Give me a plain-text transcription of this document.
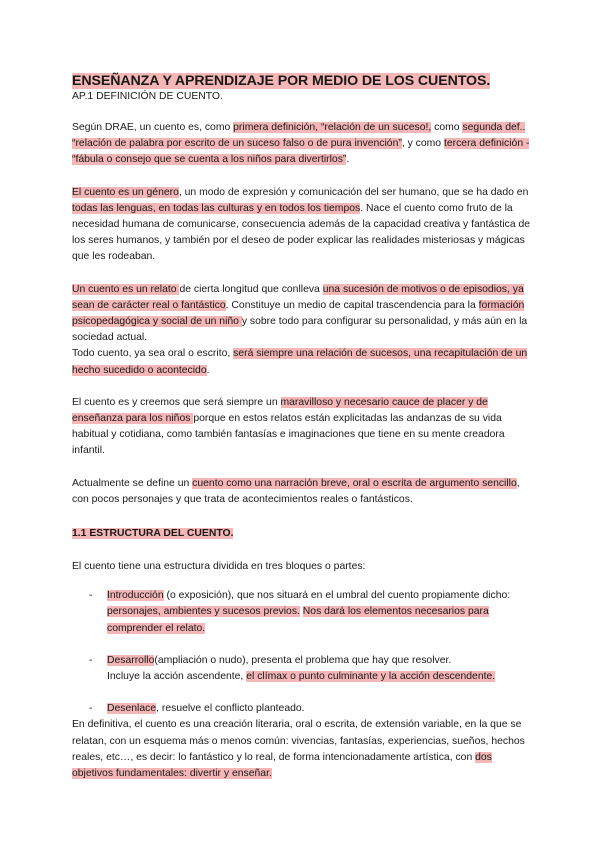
ENSEÑANZA Y APRENDIZAJE POR MEDIO DE LOS CUENTOS.

AP.1 DEFINICIÓN DE CUENTO.

Según DRAE, un cuento es, como primera definición, “relación de un suceso!, como segunda def.. “relación de palabra por escrito de un suceso falso o de pura invención”, y como tercera definición - “fábula o consejo que se cuenta a los niños para divertirlos”.

El cuento es un género, un modo de expresión y comunicación del ser humano, que se ha dado en todas las lenguas, en todas las culturas y en todos los tiempos. Nace el cuento como fruto de la necesidad humana de comunicarse, consecuencia además de la capacidad creativa y fantástica de los seres humanos, y también por el deseo de poder explicar las realidades misteriosas y mágicas que les rodeaban.

Un cuento es un relato de cierta longitud que conlleva una sucesión de motivos o de episodios, ya sean de carácter real o fantástico. Constituye un medio de capital trascendencia para la formación psicopedagógica y social de un niño y sobre todo para configurar su personalidad, y más aún en la sociedad actual.
Todo cuento, ya sea oral o escrito, será siempre una relación de sucesos, una recapitulación de un hecho sucedido o acontecido.

El cuento es y creemos que será siempre un maravilloso y necesario cauce de placer y de enseñanza para los niños porque en estos relatos están explicitadas las andanzas de su vida habitual y cotidiana, como también fantasías e imaginaciones que tiene en su mente creadora infantil.

Actualmente se define un cuento como una narración breve, oral o escrita de argumento sencillo, con pocos personajes y que trata de acontecimientos reales o fantásticos.

1.1 ESTRUCTURA DEL CUENTO.

El cuento tiene una estructura dividida en tres bloques o partes:

- Introducción (o exposición), que nos situará en el umbral del cuento propiamente dicho: personajes, ambientes y sucesos previos. Nos dará los elementos necesarios para comprender el relato.
- Desarrollo(ampliación o nudo), presenta el problema que hay que resolver.
Incluye la acción ascendente, el clímax o punto culminante y la acción descendente.
- Desenlace, resuelve el conflicto planteado.

En definitiva, el cuento es una creación literaria, oral o escrita, de extensión variable, en la que se relatan, con un esquema más o menos común: vivencias, fantasías, experiencias, sueños, hechos reales, etc…, es decir: lo fantástico y lo real, de forma intencionadamente artística, con dos objetivos fundamentales: divertir y enseñar.
